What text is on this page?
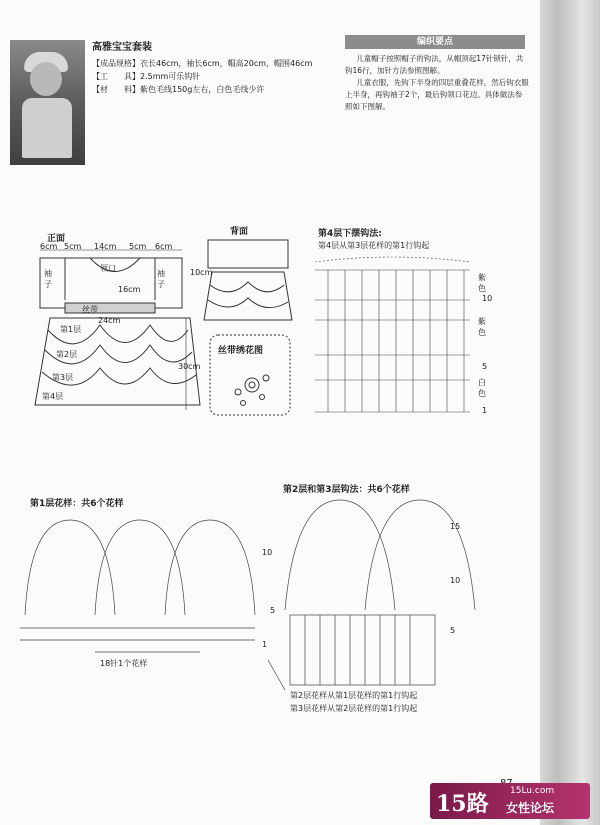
高雅宝宝套装
【成品规格】衣长46cm，袖长6cm，帽高20cm，帽围46cm
【工　　具】2.5mm可乐钩针
【材　　料】紫色毛线150g左右，白色毛线少许
编织要点
儿童帽子按照帽子的钩法，从帽顶起17针锁针，共钩16行，加针方法参照图解。
儿童衣服，先钩下半身的四层重叠花样，然后钩衣服上半身，再钩袖子2个，最后钩领口花边。具体做法参照如下图解。
正面
6cm 5cm 14cm 5cm 6cm
袖子
袖子
领口
16cm
丝带
24cm
10cm
30cm
第1层
第2层
第3层
第4层
背面
丝带绣花图
第4层下摆钩法:
第4层从第3层花样的第1行钩起
紫色
紫色
白色
10
5
1
第1层花样：共6个花样
18针1个花样
10
5
1
第2层和第3层钩法：共6个花样
第2层花样从第1层花样的第1行钩起
第3层花样从第2层花样的第1行钩起
15
10
5
15路 15Lu.com
女性论坛
